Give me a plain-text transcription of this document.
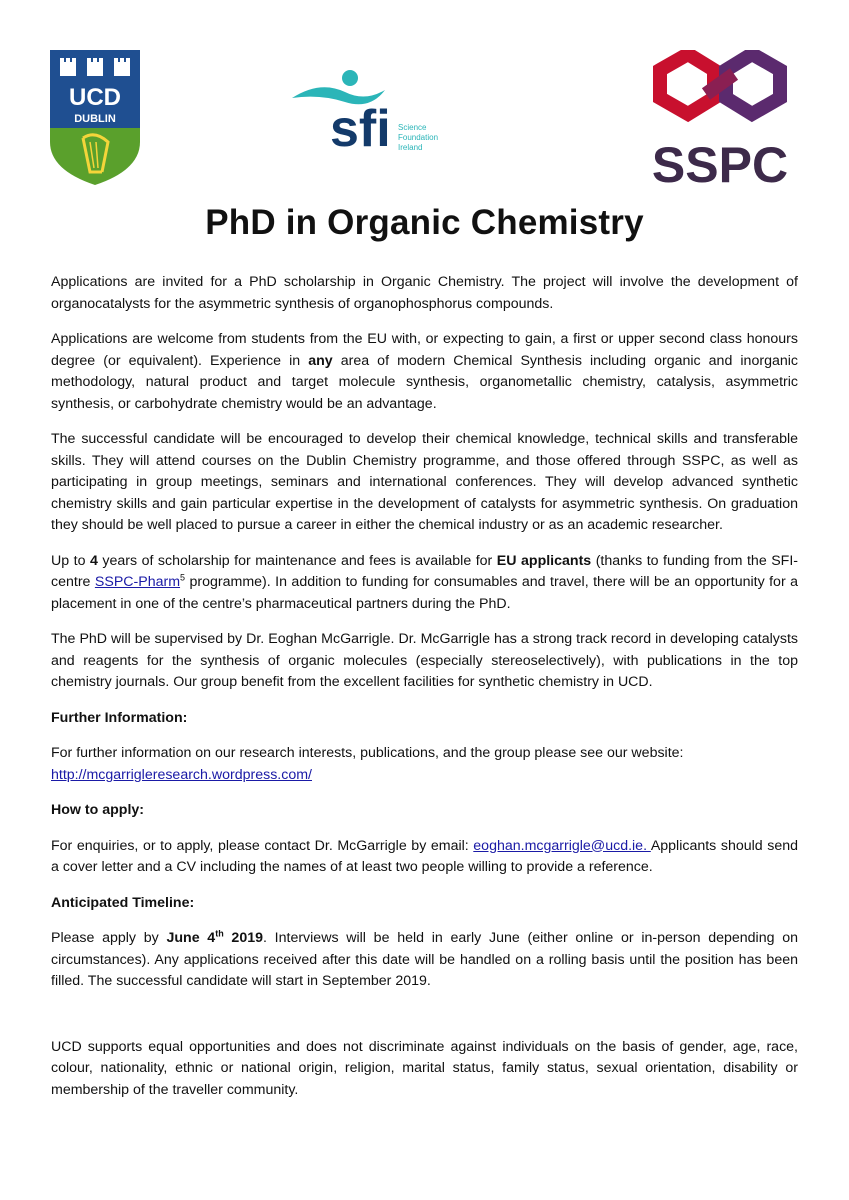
UCD
DUBLIN	sfi Science
Foundation
Ireland	SSPC
PhD in Organic Chemistry

Applications are invited for a PhD scholarship in Organic Chemistry. The project will involve the development of organocatalysts for the asymmetric synthesis of organophosphorus compounds.

Applications are welcome from students from the EU with, or expecting to gain, a first or upper second class honours degree (or equivalent). Experience in any area of modern Chemical Synthesis including organic and inorganic methodology, natural product and target molecule synthesis, organometallic chemistry, catalysis, asymmetric synthesis, or carbohydrate chemistry would be an advantage.

The successful candidate will be encouraged to develop their chemical knowledge, technical skills and transferable skills. They will attend courses on the Dublin Chemistry programme, and those offered through SSPC, as well as participating in group meetings, seminars and international conferences. They will develop advanced synthetic chemistry skills and gain particular expertise in the development of catalysts for asymmetric synthesis. On graduation they should be well placed to pursue a career in either the chemical industry or as an academic researcher.

Up to 4 years of scholarship for maintenance and fees is available for EU applicants (thanks to funding from the SFI-centre SSPC-Pharm$^5$ programme). In addition to funding for consumables and travel, there will be an opportunity for a placement in one of the centre’s pharmaceutical partners during the PhD.

The PhD will be supervised by Dr. Eoghan McGarrigle. Dr. McGarrigle has a strong track record in developing catalysts and reagents for the synthesis of organic molecules (especially stereoselectively), with publications in the top chemistry journals. Our group benefit from the excellent facilities for synthetic chemistry in UCD.

Further Information:

For further information on our research interests, publications, and the group please see our website:
http://mcgarrigleresearch.wordpress.com/

How to apply:

For enquiries, or to apply, please contact Dr. McGarrigle by email: eoghan.mcgarrigle@ucd.ie. Applicants should send a cover letter and a CV including the names of at least two people willing to provide a reference.

Anticipated Timeline:

Please apply by June 4th 2019. Interviews will be held in early June (either online or in-person depending on circumstances). Any applications received after this date will be handled on a rolling basis until the position has been filled. The successful candidate will start in September 2019.

UCD supports equal opportunities and does not discriminate against individuals on the basis of gender, age, race, colour, nationality, ethnic or national origin, religion, marital status, family status, sexual orientation, disability or membership of the traveller community.
